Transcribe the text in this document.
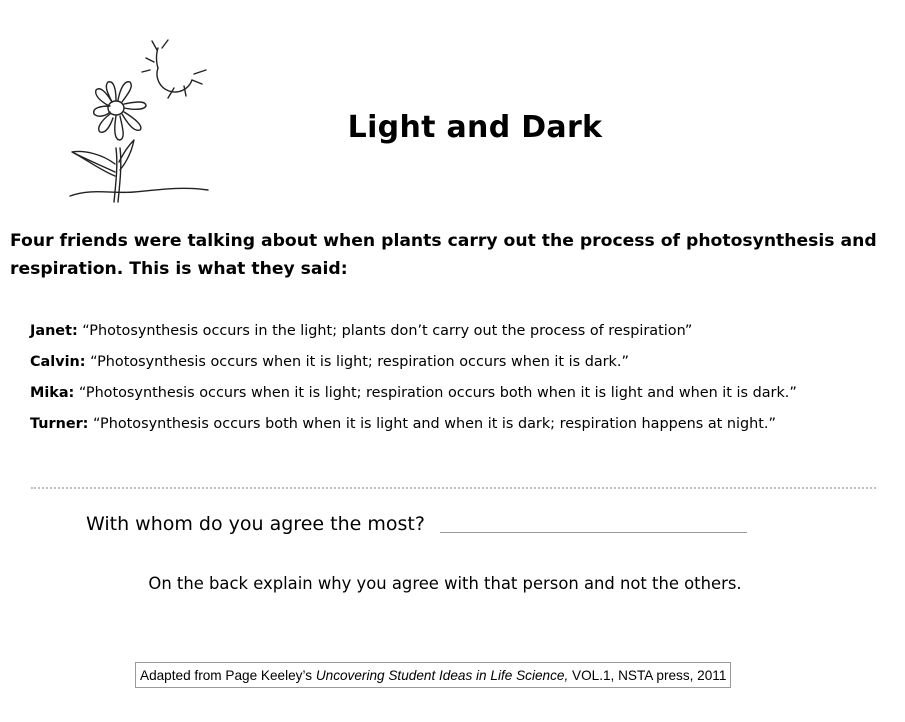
Light and Dark

Four friends were talking about when plants carry out the process of photosynthesis and respiration. This is what they said:

Janet: “Photosynthesis occurs in the light; plants don’t carry out the process of respiration”
Calvin: “Photosynthesis occurs when it is light; respiration occurs when it is dark.”
Mika: “Photosynthesis occurs when it is light; respiration occurs both when it is light and when it is dark.”
Turner: “Photosynthesis occurs both when it is light and when it is dark; respiration happens at night.”

With whom do you agree the most?

On the back explain why you agree with that person and not the others.

Adapted from Page Keeley’s Uncovering Student Ideas in Life Science, VOL.1, NSTA press, 2011
